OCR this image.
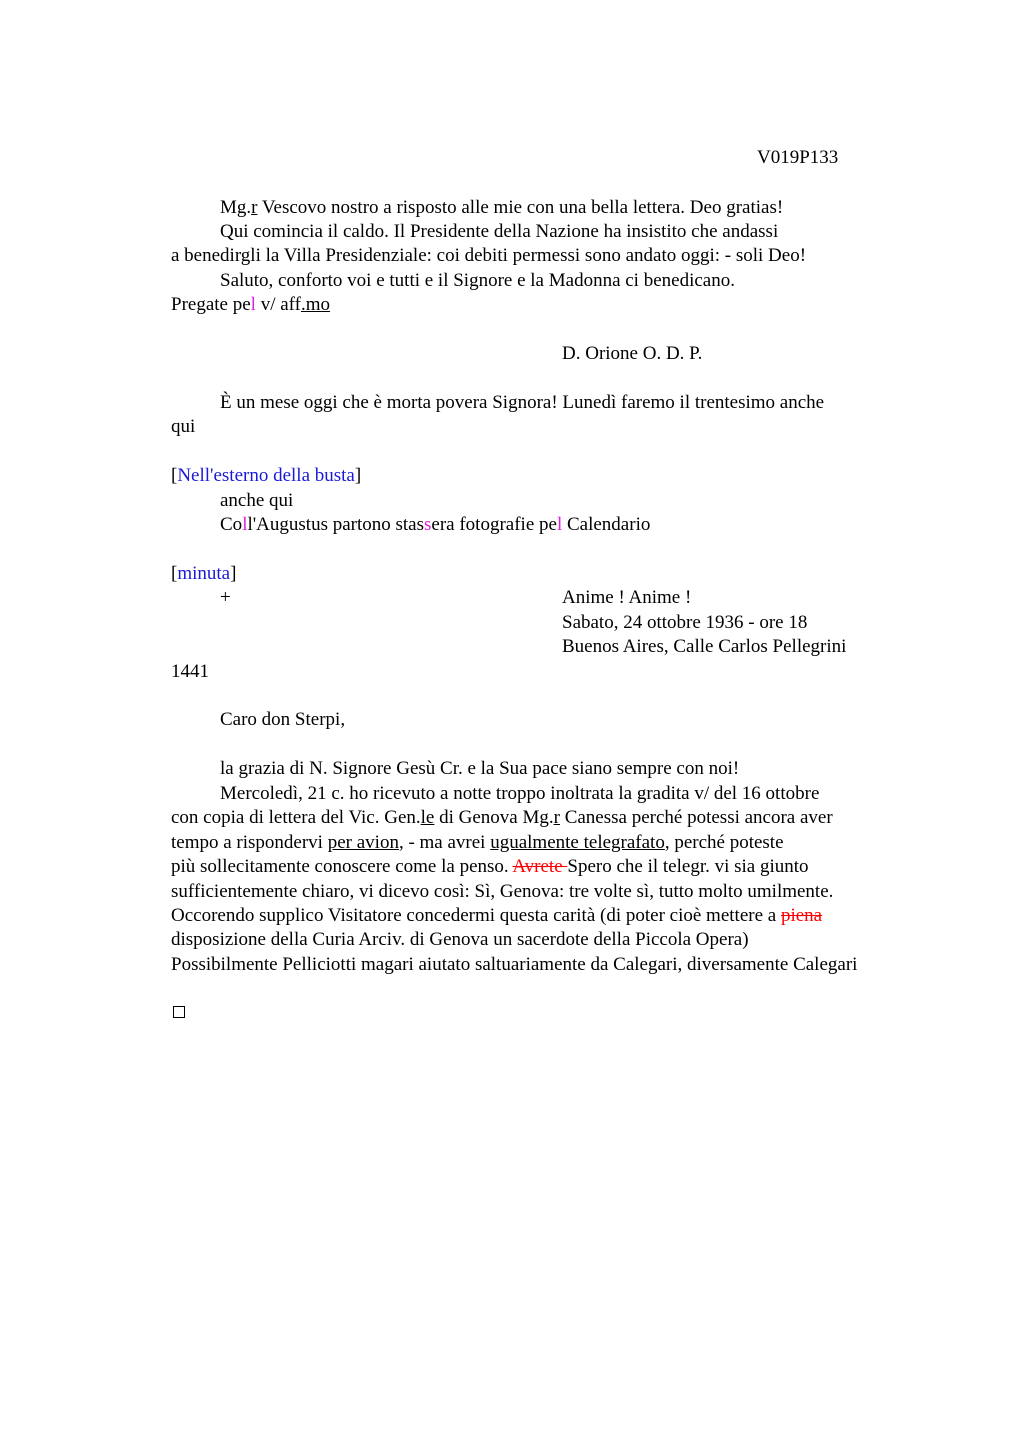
V019P133
Mg.r Vescovo nostro a risposto alle mie con una bella lettera. Deo gratias!
Qui comincia il caldo. Il Presidente della Nazione ha insistito che andassi
a benedirgli la Villa Presidenziale: coi debiti permessi sono andato oggi: - soli Deo!
Saluto, conforto voi e tutti e il Signore e la Madonna ci benedicano.
Pregate pel v/ aff.mo
D. Orione O. D. P.
È un mese oggi che è morta povera Signora! Lunedì faremo il trentesimo anche
qui
[Nell'esterno della busta]
anche qui
Coll'Augustus partono stassera fotografie pel Calendario
[minuta]
+	Anime ! Anime !
Sabato, 24 ottobre 1936 - ore 18
Buenos Aires, Calle Carlos Pellegrini
1441
Caro don Sterpi,
la grazia di N. Signore Gesù Cr. e la Sua pace siano sempre con noi!
Mercoledì, 21 c. ho ricevuto a notte troppo inoltrata la gradita v/ del 16 ottobre
con copia di lettera del Vic. Gen.le di Genova Mg.r Canessa perché potessi ancora aver
tempo a rispondervi per avion, - ma avrei ugualmente telegrafato, perché poteste
più sollecitamente conoscere come la penso. Avrete Spero che il telegr. vi sia giunto
sufficientemente chiaro, vi dicevo così: Sì, Genova: tre volte sì, tutto molto umilmente.
Occorendo supplico Visitatore concedermi questa carità (di poter cioè mettere a piena
disposizione della Curia Arciv. di Genova un sacerdote della Piccola Opera)
Possibilmente Pelliciotti magari aiutato saltuariamente da Calegari, diversamente Calegari
